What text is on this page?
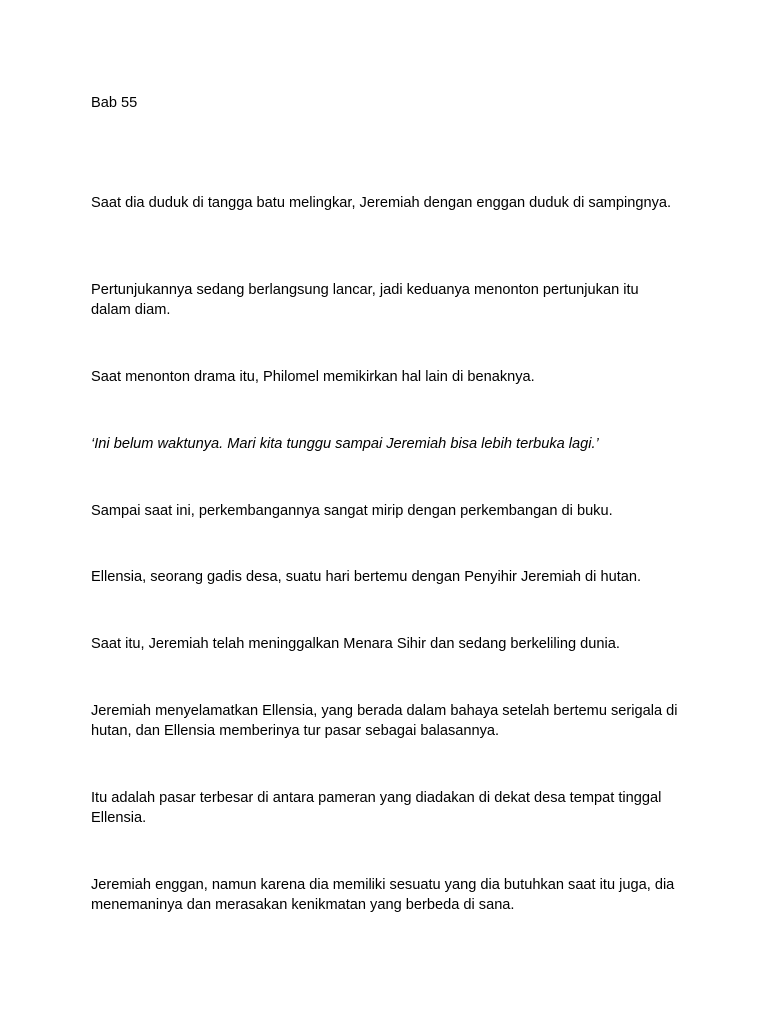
Bab 55

Saat dia duduk di tangga batu melingkar, Jeremiah dengan enggan duduk di sampingnya.

Pertunjukannya sedang berlangsung lancar, jadi keduanya menonton pertunjukan itu dalam diam.

Saat menonton drama itu, Philomel memikirkan hal lain di benaknya.

‘Ini belum waktunya. Mari kita tunggu sampai Jeremiah bisa lebih terbuka lagi.’

Sampai saat ini, perkembangannya sangat mirip dengan perkembangan di buku.

Ellensia, seorang gadis desa, suatu hari bertemu dengan Penyihir Jeremiah di hutan.

Saat itu, Jeremiah telah meninggalkan Menara Sihir dan sedang berkeliling dunia.

Jeremiah menyelamatkan Ellensia, yang berada dalam bahaya setelah bertemu serigala di hutan, dan Ellensia memberinya tur pasar sebagai balasannya.

Itu adalah pasar terbesar di antara pameran yang diadakan di dekat desa tempat tinggal Ellensia.

Jeremiah enggan, namun karena dia memiliki sesuatu yang dia butuhkan saat itu juga, dia menemaninya dan merasakan kenikmatan yang berbeda di sana.
